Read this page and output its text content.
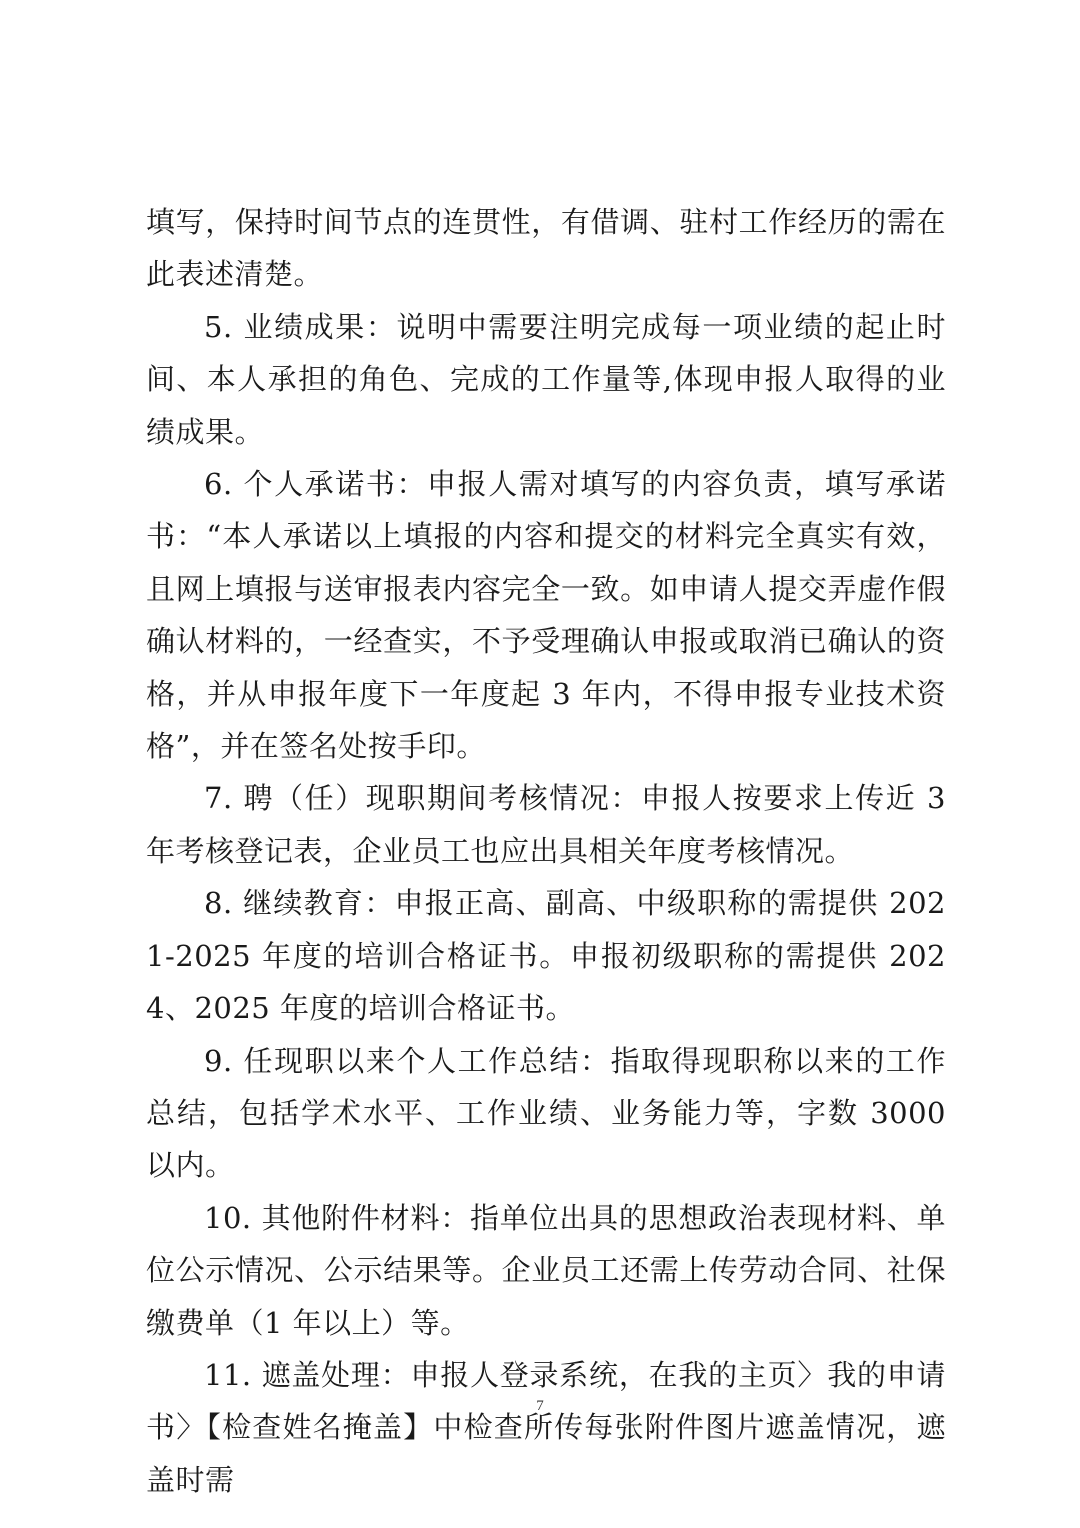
填写，保持时间节点的连贯性，有借调、驻村工作经历的需在此表述清楚。

5. 业绩成果：说明中需要注明完成每一项业绩的起止时间、本人承担的角色、完成的工作量等,体现申报人取得的业绩成果。

6. 个人承诺书：申报人需对填写的内容负责，填写承诺书：“本人承诺以上填报的内容和提交的材料完全真实有效，且网上填报与送审报表内容完全一致。如申请人提交弄虚作假确认材料的，一经查实，不予受理确认申报或取消已确认的资格，并从申报年度下一年度起 3 年内，不得申报专业技术资格”，并在签名处按手印。

7. 聘（任）现职期间考核情况：申报人按要求上传近 3 年考核登记表，企业员工也应出具相关年度考核情况。

8. 继续教育：申报正高、副高、中级职称的需提供 2021-2025 年度的培训合格证书。申报初级职称的需提供 2024、2025 年度的培训合格证书。

9. 任现职以来个人工作总结：指取得现职称以来的工作总结，包括学术水平、工作业绩、业务能力等，字数 3000 以内。

10. 其他附件材料：指单位出具的思想政治表现材料、单位公示情况、公示结果等。企业员工还需上传劳动合同、社保缴费单（1 年以上）等。

11. 遮盖处理：申报人登录系统，在我的主页〉我的申请书〉【检查姓名掩盖】中检查所传每张附件图片遮盖情况，遮盖时需

7
